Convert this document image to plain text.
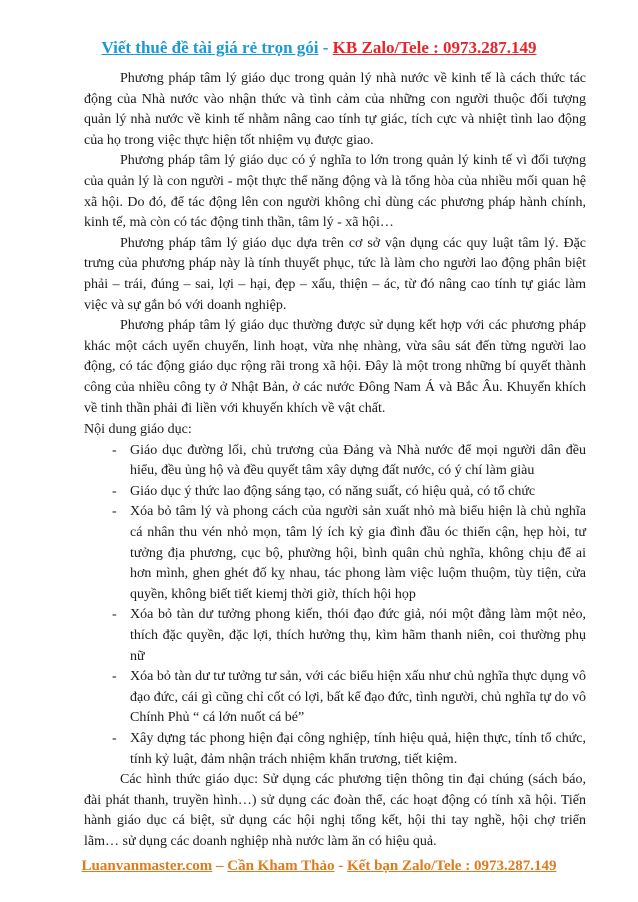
Viết thuê đề tài giá rẻ trọn gói - KB Zalo/Tele : 0973.287.149

Phương pháp tâm lý giáo dục trong quản lý nhà nước về kinh tế là cách thức tác động của Nhà nước vào nhận thức và tình cảm của những con người thuộc đối tượng quản lý nhà nước về kinh tế nhằm nâng cao tính tự giác, tích cực và nhiệt tình lao động của họ trong việc thực hiện tốt nhiệm vụ được giao.

Phương pháp tâm lý giáo dục có ý nghĩa to lớn trong quản lý kinh tế vì đối tượng của quản lý là con người - một thực thể năng động và là tổng hòa của nhiều mối quan hệ xã hội. Do đó, để tác động lên con người không chỉ dùng các phương pháp hành chính, kinh tế, mà còn có tác động tinh thần, tâm lý - xã hội…

Phương pháp tâm lý giáo dục dựa trên cơ sở vận dụng các quy luật tâm lý. Đặc trưng của phương pháp này là tính thuyết phục, tức là làm cho người lao động phân biệt phải – trái, đúng – sai, lợi – hại, đẹp – xấu, thiện – ác, từ đó nâng cao tính tự giác làm việc và sự gắn bó với doanh nghiệp.

Phương pháp tâm lý giáo dục thường được sử dụng kết hợp với các phương pháp khác một cách uyển chuyển, linh hoạt, vừa nhẹ nhàng, vừa sâu sát đến từng người lao động, có tác động giáo dục rộng rãi trong xã hội. Đây là một trong những bí quyết thành công của nhiều công ty ở Nhật Bản, ở các nước Đông Nam Á và Bắc Âu. Khuyến khích về tinh thần phải đi liền với khuyến khích về vật chất.

Nội dung giáo dục:

- Giáo dục đường lối, chủ trương của Đảng và Nhà nước để mọi người dân đều hiểu, đều ủng hộ và đều quyết tâm xây dựng đất nước, có ý chí làm giàu
- Giáo dục ý thức lao động sáng tạo, có năng suất, có hiệu quả, có tổ chức
- Xóa bỏ tâm lý và phong cách của người sản xuất nhỏ mà biểu hiện là chủ nghĩa cá nhân thu vén nhỏ mọn, tâm lý ích kỷ gia đình đầu óc thiển cận, hẹp hòi, tư tưởng địa phương, cục bộ, phường hội, bình quân chủ nghĩa, không chịu để ai hơn mình, ghen ghét đố kỵ nhau, tác phong làm việc luộm thuộm, tùy tiện, cửa quyền, không biết tiết kiemj thời giờ, thích hội họp
- Xóa bỏ tàn dư tưởng phong kiến, thói đạo đức giả, nói một đằng làm một nẻo, thích đặc quyền, đặc lợi, thích hưởng thụ, kìm hãm thanh niên, coi thường phụ nữ
- Xóa bỏ tàn dư tư tưởng tư sản, với các biểu hiện xấu như chủ nghĩa thực dụng vô đạo đức, cái gì cũng chỉ cốt có lợi, bất kể đạo đức, tình người, chủ nghĩa tự do vô Chính Phủ “ cá lớn nuốt cá bé”
- Xây dựng tác phong hiện đại công nghiệp, tính hiệu quả, hiện thực, tính tổ chức, tính kỷ luật, đảm nhận trách nhiệm khẩn trương, tiết kiệm.

Các hình thức giáo dục: Sử dụng các phương tiện thông tin đại chúng (sách báo, đài phát thanh, truyền hình…) sử dụng các đoàn thể, các hoạt động có tính xã hội. Tiến hành giáo dục cá biệt, sử dụng các hội nghị tổng kết, hội thi tay nghề, hội chợ triển lãm… sử dụng các doanh nghiệp nhà nước làm ăn có hiệu quả.

Luanvanmaster.com – Cần Kham Thảo - Kết bạn Zalo/Tele : 0973.287.149
